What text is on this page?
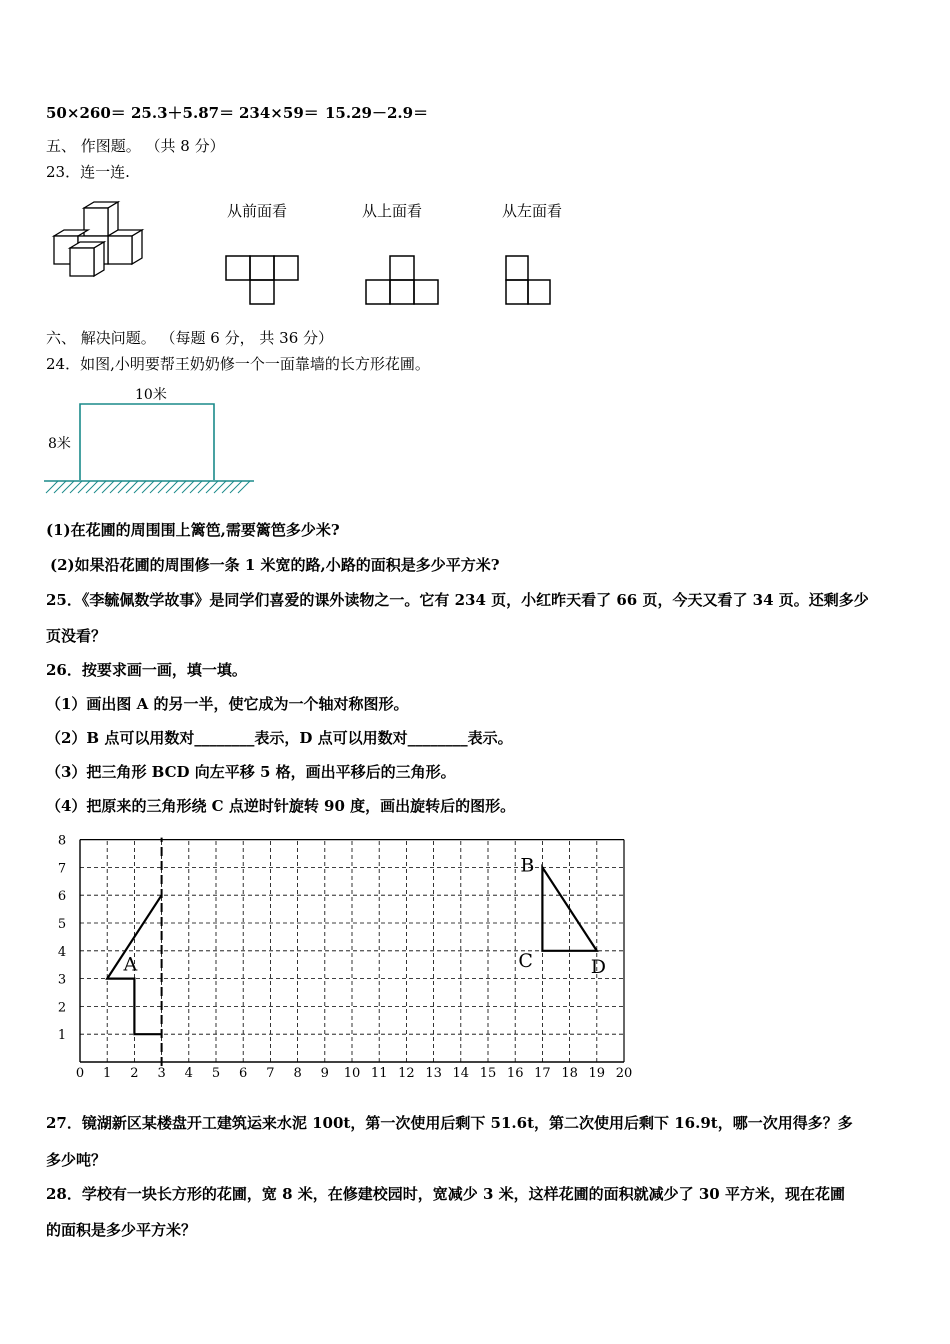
50×260＝ 25.3＋5.87＝ 234×59＝ 15.29－2.9＝
五、 作图题。 （共 8 分）
23．连一连.
从前面看	从上面看	从左面看
六、 解决问题。 （每题 6 分， 共 36 分）
24．如图,小明要帮王奶奶修一个一面靠墙的长方形花圃。
10米
8米
(1)在花圃的周围围上篱笆,需要篱笆多少米?
(2)如果沿花圃的周围修一条 1 米宽的路,小路的面积是多少平方米?
25．《李毓佩数学故事》是同学们喜爱的课外读物之一。它有 234 页，小红昨天看了 66 页，今天又看了 34 页。还剩多少
页没看？
26．按要求画一画，填一填。
（1）画出图 A 的另一半，使它成为一个轴对称图形。
（2）B 点可以用数对________表示，D 点可以用数对________表示。
（3）把三角形 BCD 向左平移 5 格，画出平移后的三角形。
（4）把原来的三角形绕 C 点逆时针旋转 90 度，画出旋转后的图形。
0 1 2 3 4 5 6 7 8 9 10 11 12 13 14 15 16 17 18 19 20
1
2
3
4
5
6
7
8
A
B
C	D
27．镜湖新区某楼盘开工建筑运来水泥 100t，第一次使用后剩下 51.6t，第二次使用后剩下 16.9t，哪一次用得多？多
多少吨？
28．学校有一块长方形的花圃，宽 8 米，在修建校园时，宽减少 3 米，这样花圃的面积就减少了 30 平方米，现在花圃
的面积是多少平方米？
